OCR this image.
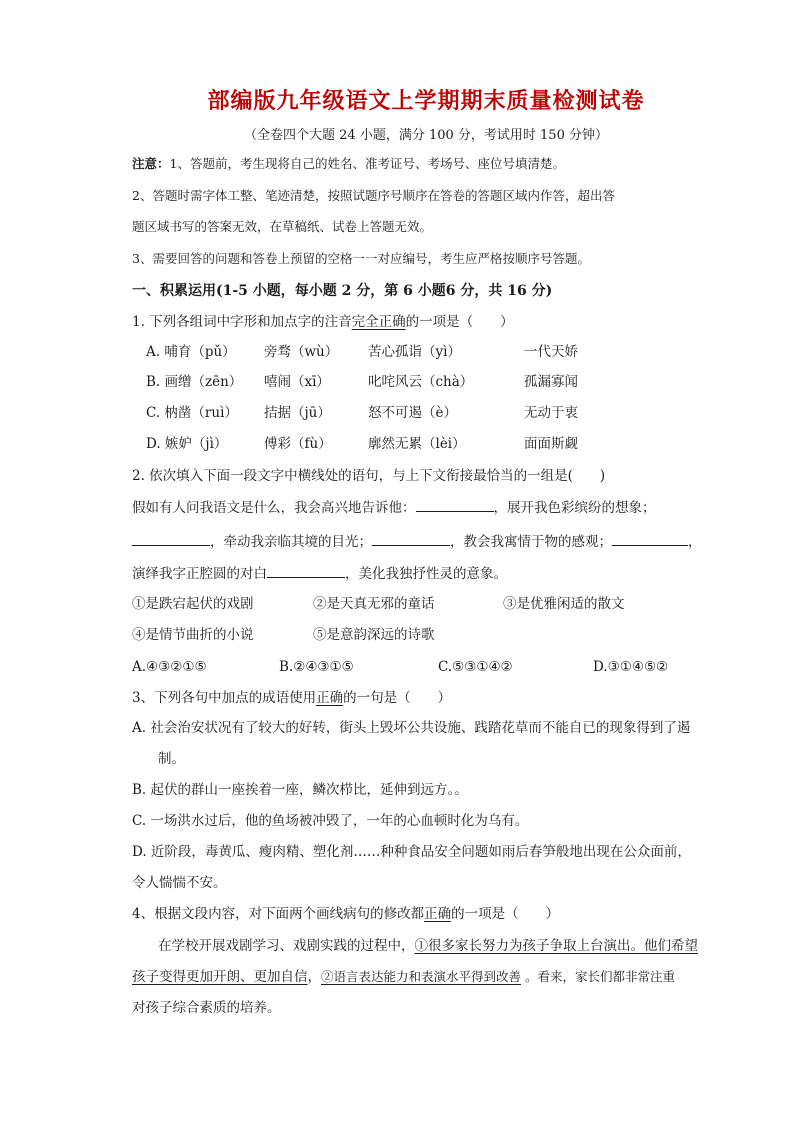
部编版九年级语文上学期期末质量检测试卷
（全卷四个大题 24 小题，满分 100 分，考试用时 150 分钟）
注意：1、答题前，考生现将自己的姓名、准考证号、考场号、座位号填清楚。
2、答题时需字体工整、笔迹清楚，按照试题序号顺序在答卷的答题区域内作答，超出答
题区域书写的答案无效，在草稿纸、试卷上答题无效。
3、需要回答的问题和答卷上预留的空格一一对应编号，考生应严格按顺序号答题。
一、积累运用(1-5 小题，每小题 2 分，第 6 小题6 分，共 16 分)
1. 下列各组词中字形和加点字的注音完全正确的一项是（　　）
A. 哺育（pǔ） 旁骛（wù） 苦心孤诣（yì）	一代天娇
B. 画缯（zēn） 嘻闹（xī）	叱咤风云（chà）	孤漏寡闻
C. 枘凿（ruì） 拮据（jū）	怒不可遏（è）	无动于衷
D. 嫉妒（jì）	傅彩（fù）	廓然无累（lèi）	面面斯觑
2. 依次填入下面一段文字中横线处的语句，与上下文衔接最恰当的一组是(　　)
假如有人问我语文是什么，我会高兴地告诉他：	，展开我色彩缤纷的想象；
，牵动我亲临其境的目光；	，教会我寓情于物的感观；	，
演绎我字正腔圆的对白	，美化我独抒性灵的意象。
①是跌宕起伏的戏剧	②是天真无邪的童话	③是优雅闲适的散文
④是情节曲折的小说	⑤是意韵深远的诗歌
A.④③②①⑤	B.②④③①⑤	C.⑤③①④②	D.③①④⑤②
3、下列各句中加点的成语使用正确的一句是（　　）
A. 社会治安状况有了较大的好转，街头上毁坏公共设施、践踏花草而不能自已的现象得到了遏
制。
B. 起伏的群山一座挨着一座，鳞次栉比，延伸到远方。。
C. 一场洪水过后，他的鱼场被冲毁了，一年的心血顿时化为乌有。
D. 近阶段，毒黄瓜、瘦肉精、塑化剂……种种食品安全问题如雨后春笋般地出现在公众面前，
令人惴惴不安。
4、根据文段内容，对下面两个画线病句的修改都正确的一项是（　　）
在学校开展戏剧学习、戏剧实践的过程中，①很多家长努力为孩子争取上台演出。他们希望
孩子变得更加开朗、更加自信，②语言表达能力和表演水平得到改善 。看来，家长们都非常注重
对孩子综合素质的培养。
